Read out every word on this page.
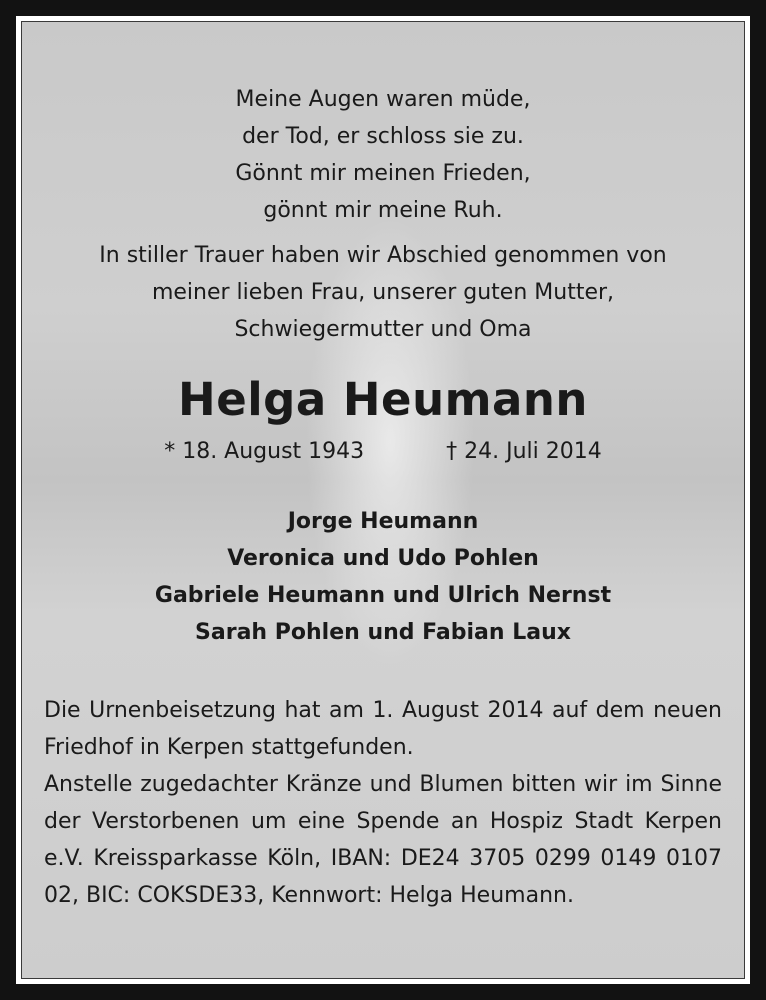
Meine Augen waren müde,
der Tod, er schloss sie zu.
Gönnt mir meinen Frieden,
gönnt mir meine Ruh.
In stiller Trauer haben wir Abschied genommen von
meiner lieben Frau, unserer guten Mutter,
Schwiegermutter und Oma
Helga Heumann
* 18. August 1943	† 24. Juli 2014
Jorge Heumann
Veronica und Udo Pohlen
Gabriele Heumann und Ulrich Nernst
Sarah Pohlen und Fabian Laux

Die Urnenbeisetzung hat am 1. August 2014 auf dem neuen Friedhof in Kerpen stattgefunden.

Anstelle zugedachter Kränze und Blumen bitten wir im Sinne der Verstorbenen um eine Spende an Hospiz Stadt Kerpen e.V. Kreissparkasse Köln, IBAN: DE24 3705 0299 0149 0107 02, BIC: COKSDE33, Kennwort: Helga Heumann.
